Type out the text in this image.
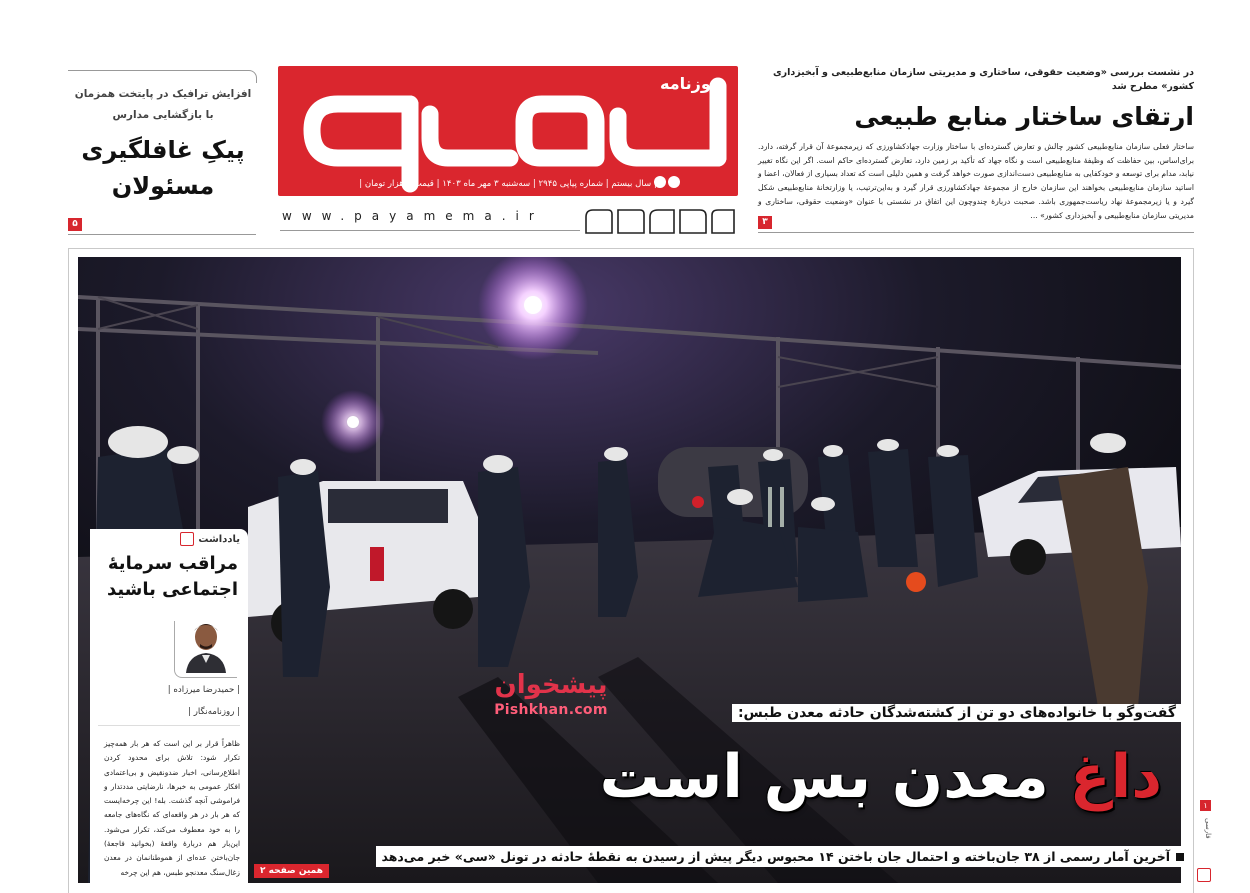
در نشست بررسی «وضعیت حقوقی، ساختاری و مدیریتی سازمان منابع‌طبیعی و آبخیزداری کشور» مطرح شد
ارتقای ساختار منابع طبیعی
ساختار فعلی سازمان منابع‌طبیعی کشور چالش و تعارض گسترده‌ای با ساختار وزارت جهادکشاورزی که زیرمجموعهٔ آن قرار گرفته، دارد. برای‌اساس، بین حفاظت که وظیفهٔ منابع‌طبیعی است و نگاه جهاد که تأکید بر زمین دارد، تعارض گسترده‌ای حاکم است. اگر این نگاه تغییر نیابد، مدام برای توسعه و خودکفایی به منابع‌طبیعی دست‌اندازی صورت خواهد گرفت و همین دلیلی است که تعداد بسیاری از فعالان، اعضا و اساتید سازمان منابع‌طبیعی بخواهند این سازمان خارج از مجموعهٔ جهادکشاورزی قرار گیرد و به‌این‌ترتیب، یا وزارتخانهٔ منابع‌طبیعی شکل گیرد و یا زیرمجموعهٔ نهاد ریاست‌جمهوری باشد. صحبت دربارهٔ چندوچون این اتفاق در نشستی با عنوان «وضعیت حقوقی، ساختاری و مدیریتی سازمان منابع‌طبیعی و آبخیزداری کشور» ...
۳
روزنامه
| سال بیستم | شماره پیاپی ۲۹۴۵ | سه‌شنبه ۳ مهر ماه ۱۴۰۳ | قیمت ۵ هزار تومان |
www.payamema.ir
افزایش ترافیک در پایتخت همزمان
با بازگشایی مدارس
پیکِ غافلگیری
مسئولان
۵
یادداشت
مراقب سرمایهٔ اجتماعی باشید
| حمیدرضا میرزاده |
| روزنامه‌نگار |
ظاهراً قرار بر این است که هر بار همه‌چیز تکرار شود: تلاش برای محدود کردن اطلاع‌رسانی، اخبار ضدونقیض و بی‌اعتمادی افکار عمومی به خبرها، نارضایتی مددتدار و فراموشی آنچه گذشت. بله! این چرخه‌ایست که هر بار در هر واقعه‌ای که نگاه‌های جامعه را به خود معطوف می‌کند، تکرار می‌شود. این‌بار هم دربارهٔ واقعهٔ (بخوانید فاجعهٔ) جان‌باختن عده‌ای از هموطنانمان در معدن زغال‌سنگ معدنجو طبس، هم این چرخه
پیشخوان
Pishkhan.com	گفت‌وگو با خانواده‌های دو تن از کشته‌شدگان حادثه معدن طبس:
داغ معدن بس است
آخرین آمار رسمی از ۳۸ جان‌باخته و احتمال جان باختن ۱۴ محبوس دیگر پیش از رسیدن به نقطهٔ حادثه در تونل «سی» خبر می‌دهد
همین صفحه ۲
۱
فارسی
